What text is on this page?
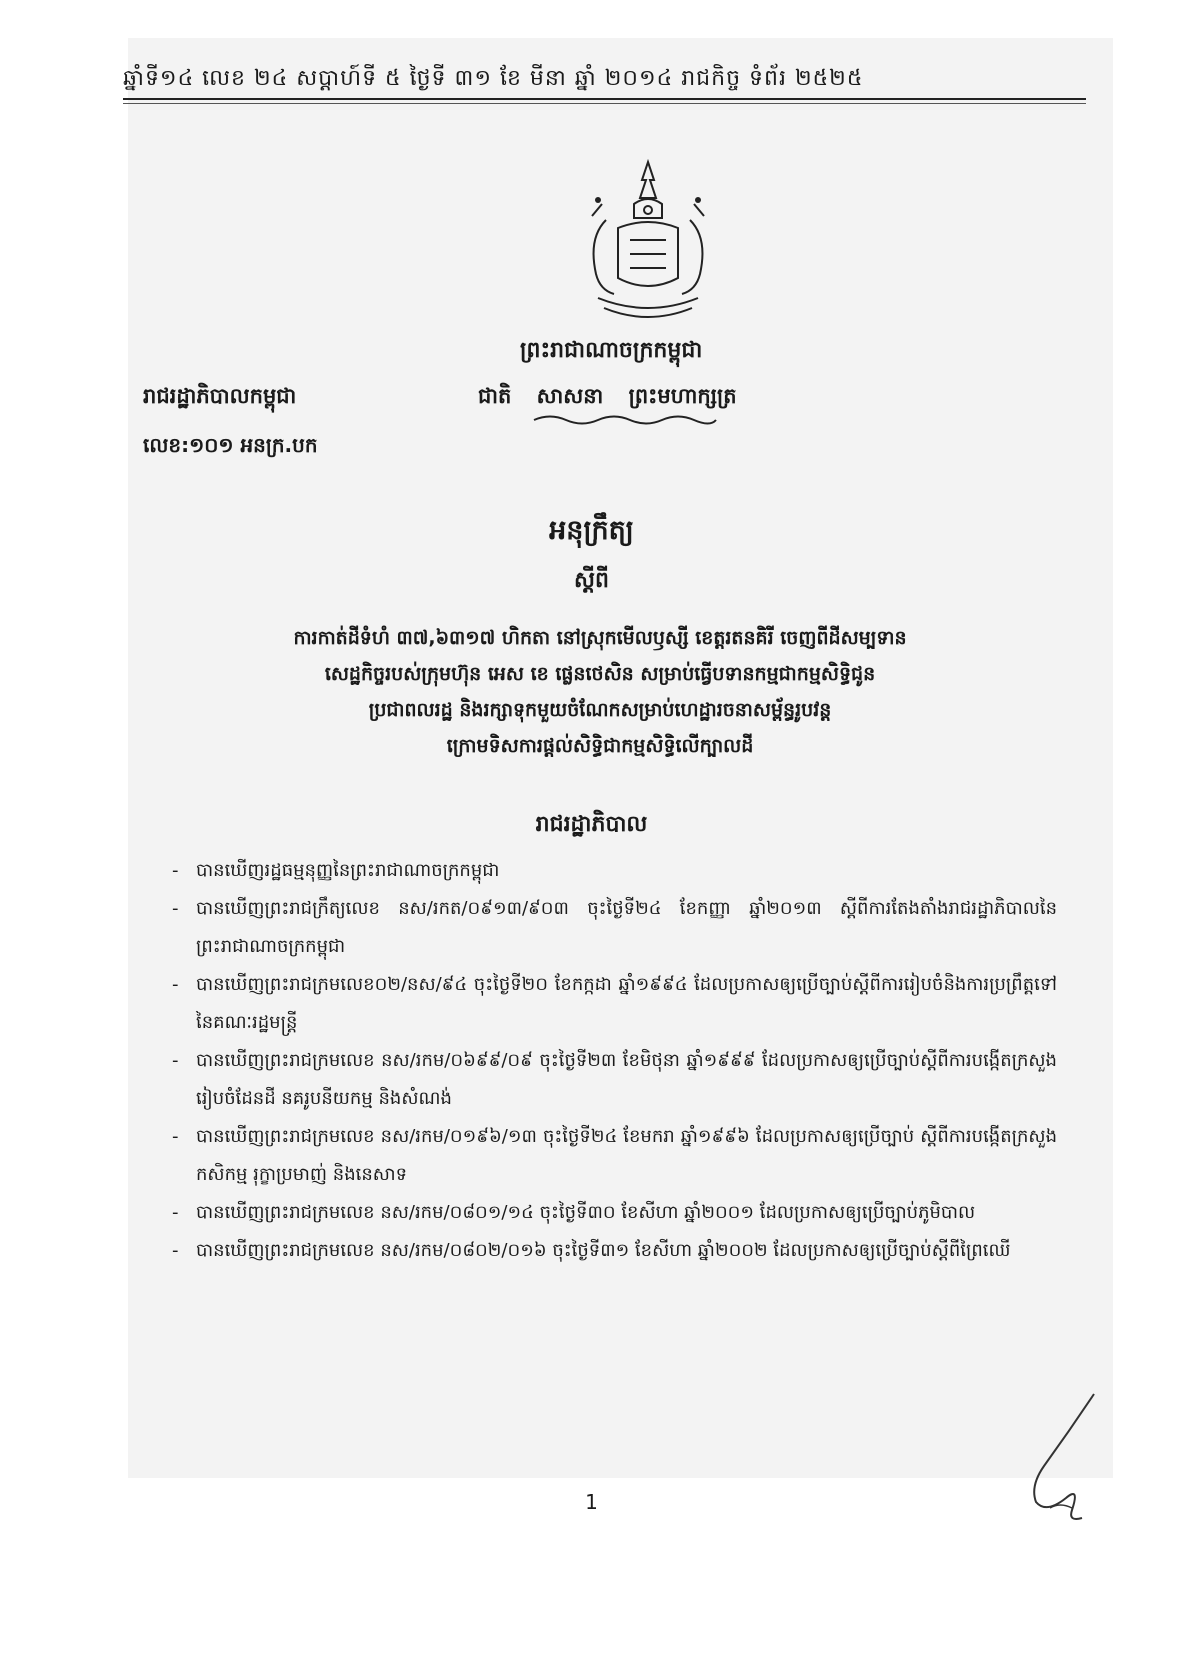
ឆ្នាំទី១៤ លេខ ២៤ សប្ដាហ៍ទី ៥ ថ្ងៃទី ៣១ ខែ មីនា ឆ្នាំ ២០១៤ រាជកិច្ច ទំព័រ ២៥២៥
ព្រះរាជាណាចក្រកម្ពុជា
រាជរដ្ឋាភិបាលកម្ពុជា	ជាតិ សាសនា ព្រះមហាក្សត្រ
លេខ:១០១ អនក្រ.បក
អនុក្រឹត្យ
ស្ដីពី
ការកាត់ដីទំហំ ៣៧,៦៣១៧ ហិកតា នៅស្រុកមើលឫស្សី ខេត្តរតនគិរី ចេញពីដីសម្បទាន
សេដ្ឋកិច្ចរបស់ក្រុមហ៊ុន អេស ខេ ផ្លេនថេសិន សម្រាប់ធ្វើបទានកម្មជាកម្មសិទ្ធិជូន
ប្រជាពលរដ្ឋ និងរក្សាទុកមួយចំណែកសម្រាប់ហេដ្ឋារចនាសម្ព័ន្ធរូបវន្ត
ក្រោមទិសការផ្តល់សិទ្ធិជាកម្មសិទ្ធិលើក្បាលដី
រាជរដ្ឋាភិបាល
- បានឃើញរដ្ឋធម្មនុញ្ញនៃព្រះរាជាណាចក្រកម្ពុជា
- បានឃើញព្រះរាជក្រឹត្យលេខ នស/រកត/០៩១៣/៩០៣ ចុះថ្ងៃទី២៤ ខែកញ្ញា ឆ្នាំ២០១៣ ស្ដីពីការតែងតាំងរាជរដ្ឋាភិបាលនៃព្រះរាជាណាចក្រកម្ពុជា
- បានឃើញព្រះរាជក្រមលេខ០២/នស/៩៤ ចុះថ្ងៃទី២០ ខែកក្កដា ឆ្នាំ១៩៩៤ ដែលប្រកាសឲ្យប្រើច្បាប់ស្ដីពីការរៀបចំនិងការប្រព្រឹត្តទៅនៃគណៈរដ្ឋមន្ត្រី
- បានឃើញព្រះរាជក្រមលេខ នស/រកម/០៦៩៩/០៩ ចុះថ្ងៃទី២៣ ខែមិថុនា ឆ្នាំ១៩៩៩ ដែលប្រកាសឲ្យប្រើច្បាប់ស្ដីពីការបង្កើតក្រសួងរៀបចំដែនដី នគរូបនីយកម្ម និងសំណង់
- បានឃើញព្រះរាជក្រមលេខ នស/រកម/០១៩៦/១៣ ចុះថ្ងៃទី២៤ ខែមករា ឆ្នាំ១៩៩៦ ដែលប្រកាសឲ្យប្រើច្បាប់ ស្ដីពីការបង្កើតក្រសួងកសិកម្ម រុក្ខាប្រមាញ់ និងនេសាទ
- បានឃើញព្រះរាជក្រមលេខ នស/រកម/០៨០១/១៤ ចុះថ្ងៃទី៣០ ខែសីហា ឆ្នាំ២០០១ ដែលប្រកាសឲ្យប្រើច្បាប់ភូមិបាល
- បានឃើញព្រះរាជក្រមលេខ នស/រកម/០៨០២/០១៦ ចុះថ្ងៃទី៣១ ខែសីហា ឆ្នាំ២០០២ ដែលប្រកាសឲ្យប្រើច្បាប់ស្ដីពីព្រៃឈើ
1
